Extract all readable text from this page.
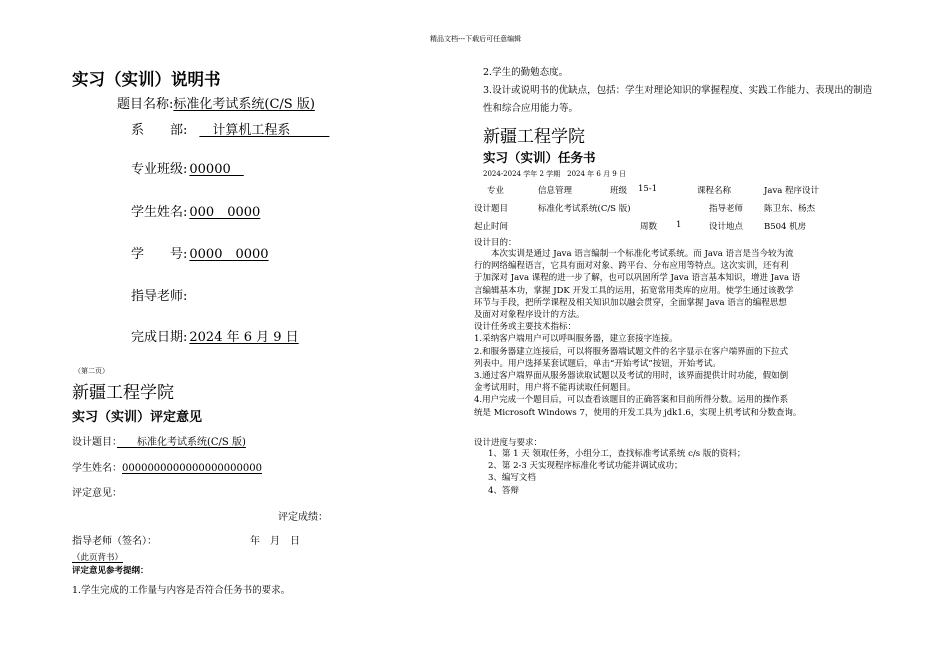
精品文档---下载后可任意编辑
实习（实训）说明书
题目名称:标准化考试系统(C/S 版)
系　　部:　计算机工程系　　　
专业班级: 00000　
学生姓名: 000　0000
学　　号: 0000　0000
指导老师:
完成日期: 2024 年 6 月 9 日
（第二页）
新疆工程学院
实习（实训）评定意见
设计题目：　　标准化考试系统(C/S 版)
学生姓名：0000000000000000000000
评定意见：
评定成绩：
指导老师（签名）：	年　月　日
（此页背书）
评定意见参考提纲：
1.学生完成的工作量与内容是否符合任务书的要求。
2.学生的勤勉态度。
3.设计或说明书的优缺点，包括：学生对理论知识的掌握程度、实践工作能力、表现出的制造
性和综合应用能力等。
新疆工程学院
实习（实训）任务书
2024-2024 学年 2 学期　2024 年 6 月 9 日
专业	信息管理	班级 15-1	课程名称	Java 程序设计
设计题目	标准化考试系统(C/S 版)	指导老师 陈卫东、杨杰
起止时间	周数 1	设计地点 B504 机房
设计目的：
　　本次实训是通过 Java 语言编制一个标准化考试系统。而 Java 语言是当今较为流
行的网络编程语言，它具有面对对象、跨平台、分布应用等特点。这次实训，还有利
于加深对 Java 课程的进一步了解，也可以巩固所学 Java 语言基本知识，增进 Java 语
言编辑基本功，掌握 JDK 开发工具的运用，拓宽常用类库的应用。使学生通过该教学
环节与手段，把所学课程及相关知识加以融会贯穿，全面掌握 Java 语言的编程思想
及面对对象程序设计的方法。
设计任务或主要技术指标：
1.采纳客户端用户可以呼叫服务器，建立套接字连接。
2.和服务器建立连接后，可以将服务器端试题文件的名字显示在客户端界面的下拉式
列表中。用户选择某套试题后，单击“开始考试”按钮，开始考试。
3.通过客户端界面从服务器读取试题以及考试的用时，该界面提供计时功能，假如倒
金考试用时，用户将不能再读取任何题目。
4.用户完成一个题目后，可以查看该题目的正确答案和目前所得分数。运用的操作系
统是 Microsoft Windows 7，使用的开发工具为 jdk1.6，实现上机考试和分数查询。
设计进度与要求：
1、第 1 天 领取任务，小组分工，查找标准考试系统 c/s 版的资料；
2、第 2-3 天实现程序标准化考试功能并调试成功；
3、编写文档
4、答辩
